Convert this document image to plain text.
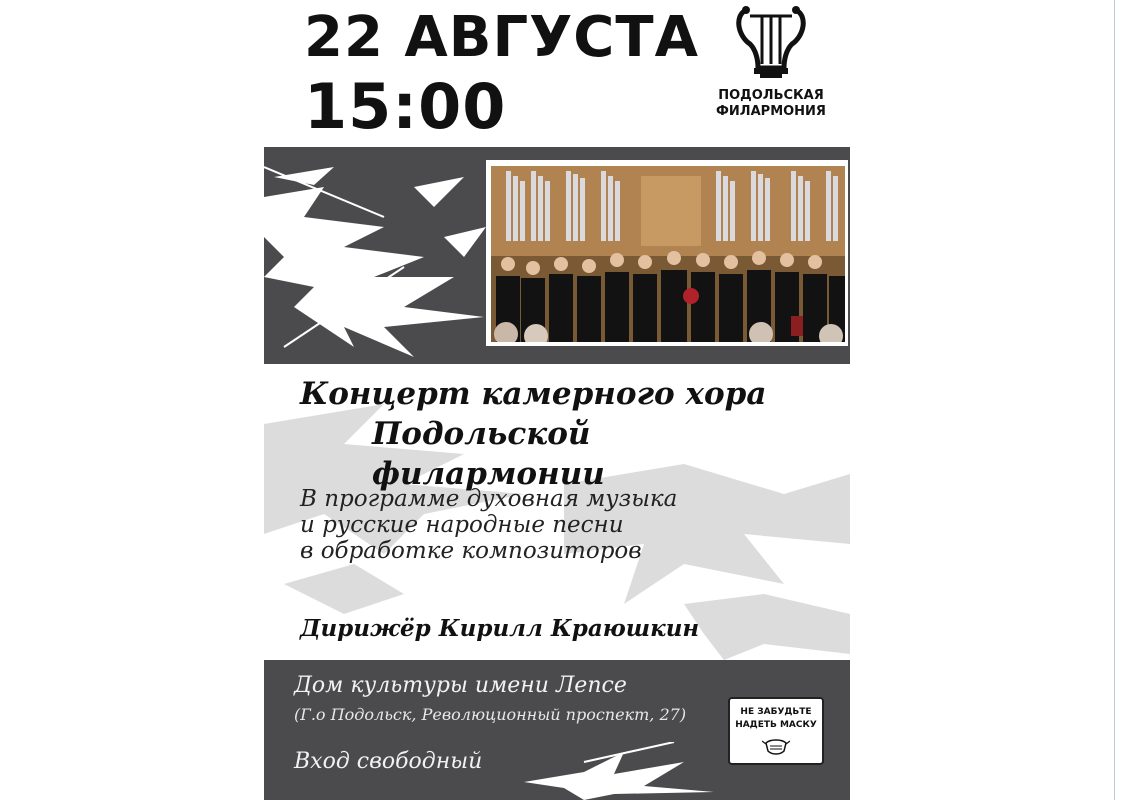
22 АВГУСТА
15:00	ПОДОЛЬСКАЯ
ФИЛАРМОНИЯ
Концерт камерного хора
Подольской филармонии
В программе духовная музыка
и русские народные песни
в обработке композиторов
Дирижёр Кирилл Краюшкин
Дом культуры имени Лепсе
(Г.о Подольск, Революционный проспект, 27)
Вход свободный
НЕ ЗАБУДЬТЕ
НАДЕТЬ МАСКУ
